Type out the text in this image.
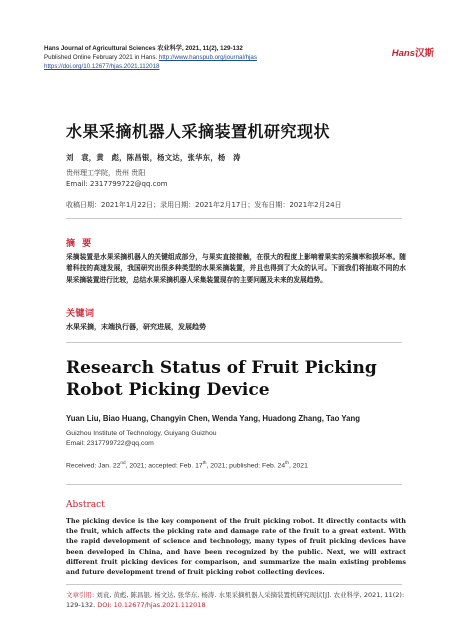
Hans Journal of Agricultural Sciences 农业科学, 2021, 11(2), 129-132
Published Online February 2021 in Hans. http://www.hanspub.org/journal/hjas
https://doi.org/10.12677/hjas.2021.112018
Hans汉斯
水果采摘机器人采摘装置机研究现状
刘　袁，黄　彪，陈昌银，杨文达，张华东，杨　涛
贵州理工学院，贵州 贵阳
Email: 2317799722@qq.com
收稿日期：2021年1月22日；录用日期：2021年2月17日；发布日期：2021年2月24日
摘 要
采摘装置是水果采摘机器人的关键组成部分，与果实直接接触，在很大的程度上影响着果实的采摘率和损坏率。随着科技的高速发展，我国研究出很多种类型的水果采摘装置，并且也得到了大众的认可。下面我们将抽取不同的水果采摘装置进行比较，总结水果采摘机器人采集装置现存的主要问题及未来的发展趋势。
关键词
水果采摘，末端执行器，研究进展，发展趋势
Research Status of Fruit Picking Robot Picking Device
Yuan Liu, Biao Huang, Changyin Chen, Wenda Yang, Huadong Zhang, Tao Yang
Guizhou Institute of Technology, Guiyang Guizhou
Email: 2317799722@qq.com
Received: Jan. 22nd, 2021; accepted: Feb. 17th, 2021; published: Feb. 24th, 2021
Abstract
The picking device is the key component of the fruit picking robot. It directly contacts with the fruit, which affects the picking rate and damage rate of the fruit to a great extent. With the rapid development of science and technology, many types of fruit picking devices have been developed in China, and have been recognized by the public. Next, we will extract different fruit picking devices for comparison, and summarize the main existing problems and future development trend of fruit picking robot collecting devices.
文章引用: 刘袁, 黄彪, 陈昌银, 杨文达, 张华东, 杨涛. 水果采摘机器人采摘装置机研究现状[J]. 农业科学, 2021, 11(2): 129-132. DOI: 10.12677/hjas.2021.112018
